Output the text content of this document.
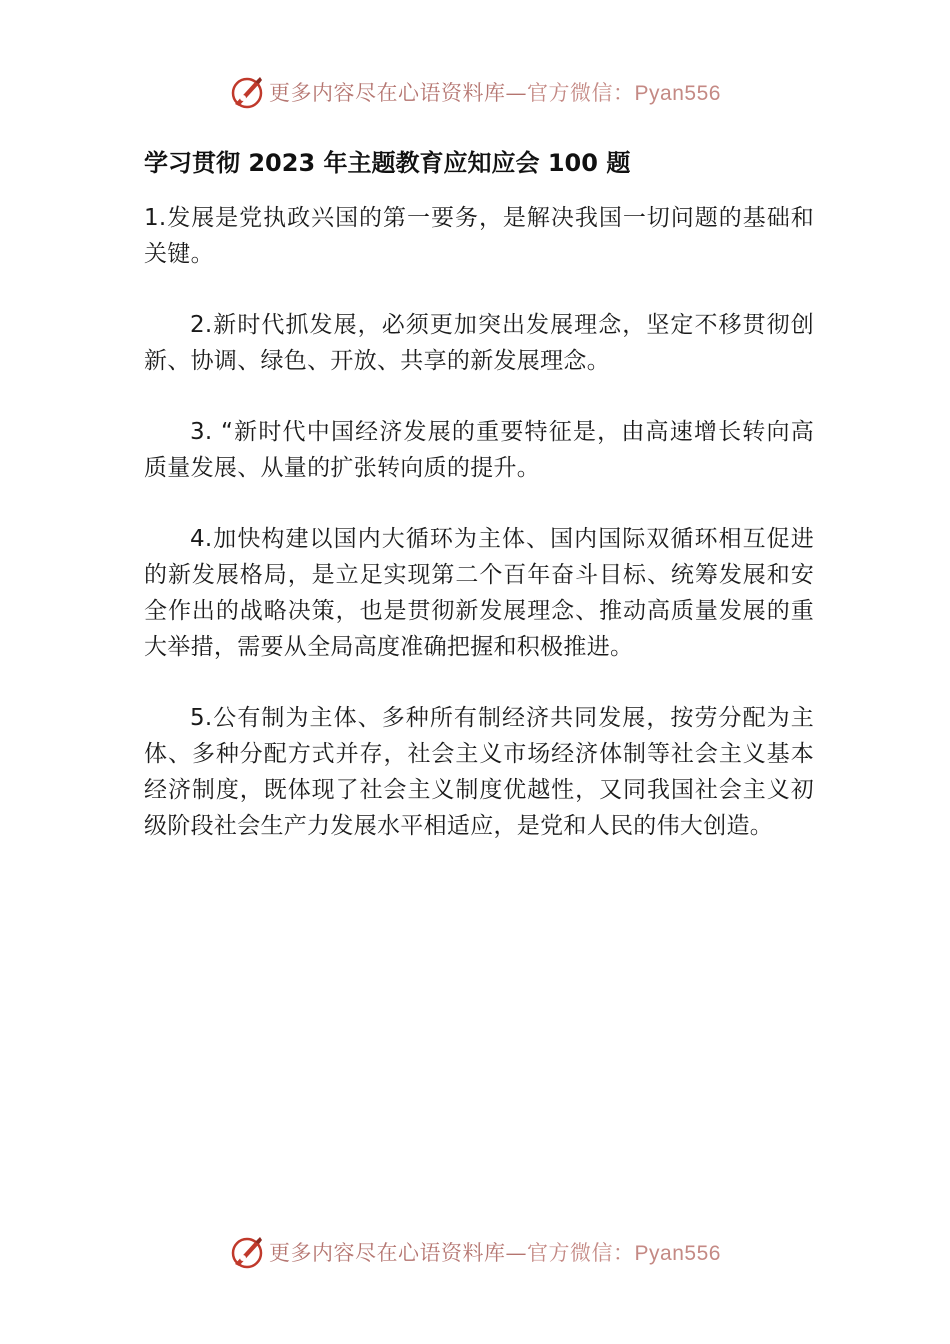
更多内容尽在心语资料库 — 官方微信： Pyan556
学习贯彻 2023 年主题教育应知应会 100 题

1.发展是党执政兴国的第一要务，是解决我国一切问题的基础和关键。

2.新时代抓发展，必须更加突出发展理念，坚定不移贯彻创新、协调、绿色、开放、共享的新发展理念。

3. “新时代中国经济发展的重要特征是，由高速增长转向高质量发展、从量的扩张转向质的提升。

4.加快构建以国内大循环为主体、国内国际双循环相互促进的新发展格局，是立足实现第二个百年奋斗目标、统筹发展和安全作出的战略决策，也是贯彻新发展理念、推动高质量发展的重大举措，需要从全局高度准确把握和积极推进。

5.公有制为主体、多种所有制经济共同发展，按劳分配为主体、多种分配方式并存，社会主义市场经济体制等社会主义基本经济制度，既体现了社会主义制度优越性，又同我国社会主义初级阶段社会生产力发展水平相适应，是党和人民的伟大创造。

更多内容尽在心语资料库 — 官方微信： Pyan556
